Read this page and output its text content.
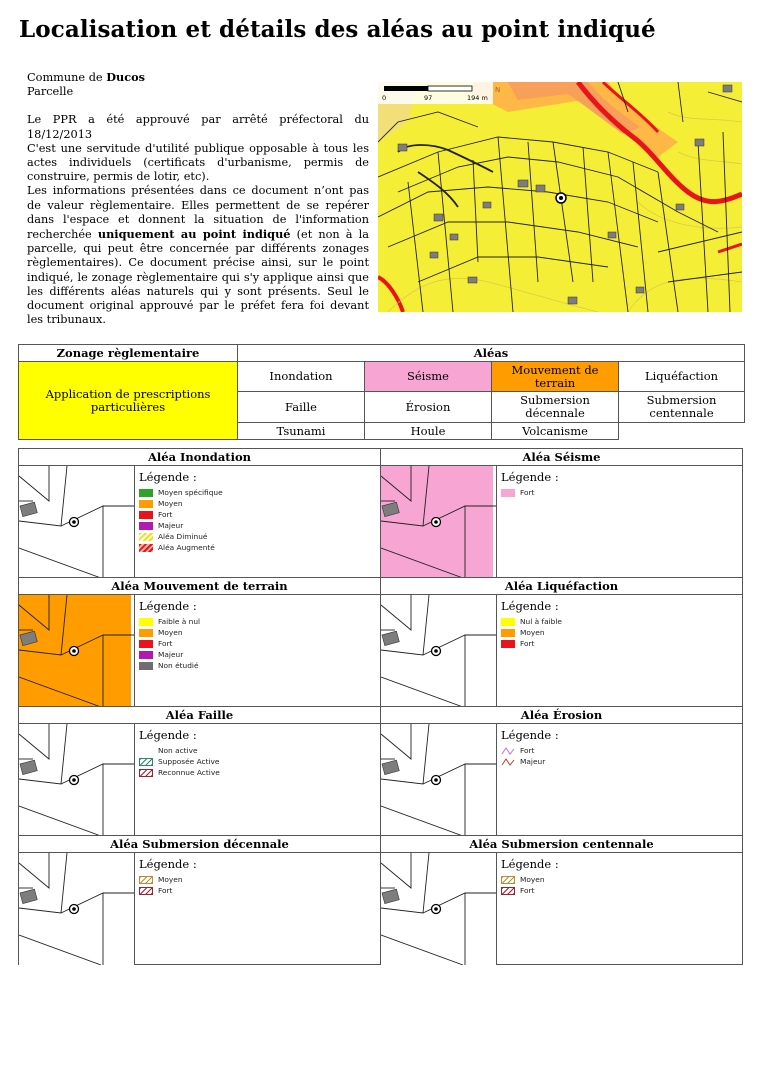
Localisation et détails des aléas au point indiqué

Commune de Ducos

Parcelle

Le PPR a été approuvé par arrêté préfectoral du 18/12/2013

C'est une servitude d'utilité publique opposable à tous les actes individuels (certificats d'urbanisme, permis de construire, permis de lotir, etc).

Les informations présentées dans ce document n’ont pas de valeur règlementaire. Elles permettent de se repérer dans l'espace et donnent la situation de l'information recherchée uniquement au point indiqué (et non à la parcelle, qui peut être concernée par différents zonages règlementaires). Ce document précise ainsi, sur le point indiqué, le zonage règlementaire qui s'y applique ainsi que les différents aléas naturels qui y sont présents. Seul le document original approuvé par le préfet fera foi devant les tribunaux.

0	97	194 m
N
Zonage règlementaire	Aléas			
Application de prescriptions particulières	Inondation	Séisme	Mouvement de terrain	Liquéfaction
	Faille	Érosion	Submersion décennale	Submersion centennale
	Tsunami	Houle	Volcanisme	
Aléa Inondation
Légende :
Moyen spécifique
Moyen
Fort
Majeur
Aléa Diminué
Aléa Augmenté
Aléa Séisme
Légende :
Fort
Aléa Mouvement de terrain
Légende :
Faible à nul
Moyen
Fort
Majeur
Non étudié
Aléa Liquéfaction
Légende :
Nul à faible
Moyen
Fort
Aléa Faille
Légende :
Non active
Supposée Active
Reconnue Active
Aléa Érosion
Légende :
Fort
Majeur
Aléa Submersion décennale
Légende :
Moyen
Fort
Aléa Submersion centennale
Légende :
Moyen
Fort
